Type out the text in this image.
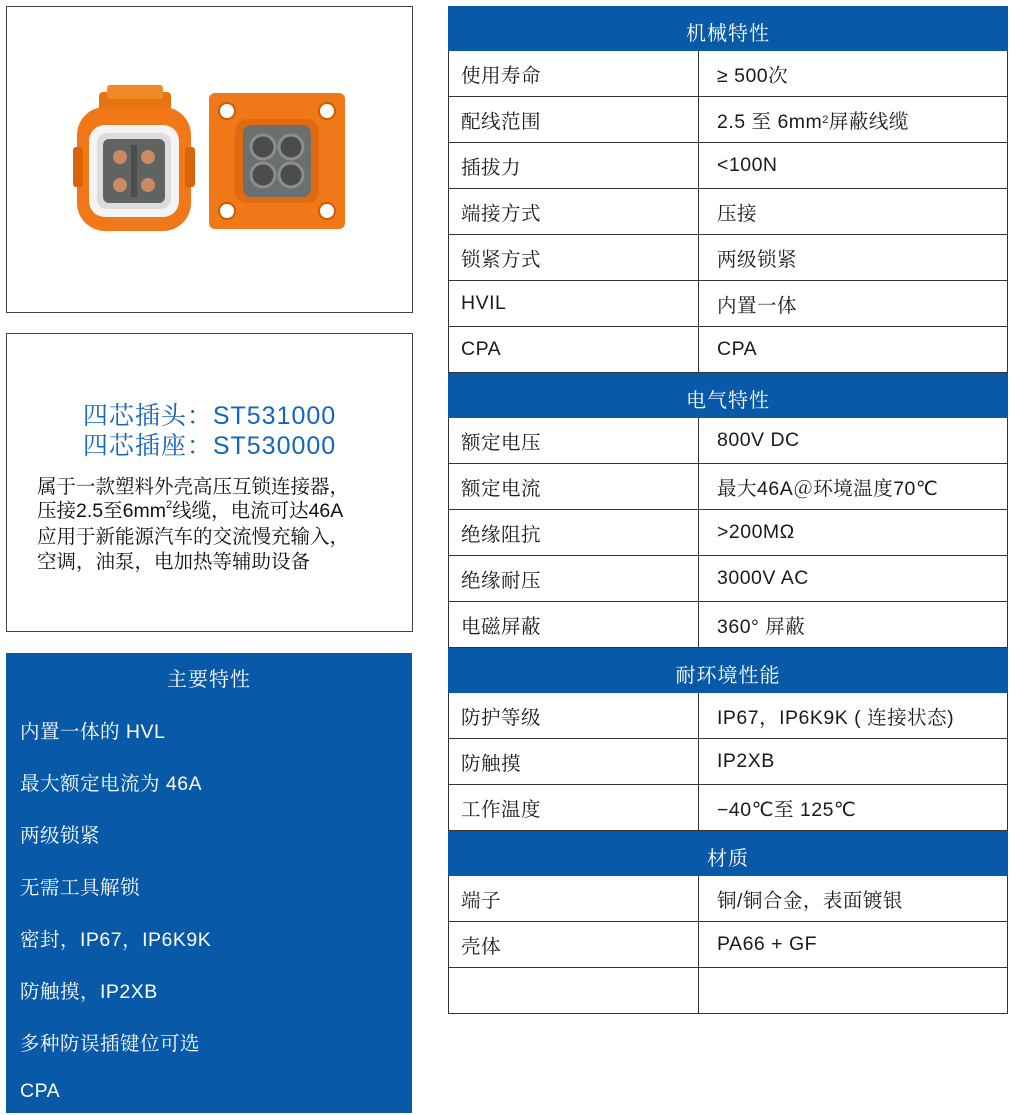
四芯插头：ST531000
四芯插座：ST530000
属于一款塑料外壳高压互锁连接器，
压接2.5至$6mm^2$线缆，电流可达46A
应用于新能源汽车的交流慢充输入，
空调，油泵，电加热等辅助设备
主要特性
内置一体的 HVL
最大额定电流为 46A
两级锁紧
无需工具解锁
密封，IP67，IP6K9K
防触摸，IP2XB
多种防误插键位可选
CPA
机械特性
使用寿命	≥ 500次
配线范围	2.5 至 6mm 2 屏蔽线缆
插拔力	<100N
端接方式	压接
锁紧方式	两级锁紧
HVIL	内置一体
CPA	CPA
电气特性
额定电压	800V DC
额定电流	最大46A＠环境温度70℃
绝缘阻抗	>200MΩ
绝缘耐压	3000V AC
电磁屏蔽	360° 屏蔽
耐环境性能
防护等级	IP67，IP6K9K ( 连接状态)
防触摸	IP2XB
工作温度	−40℃至 125℃
材质
端子	铜/铜合金，表面镀银
壳体	PA66 + GF
